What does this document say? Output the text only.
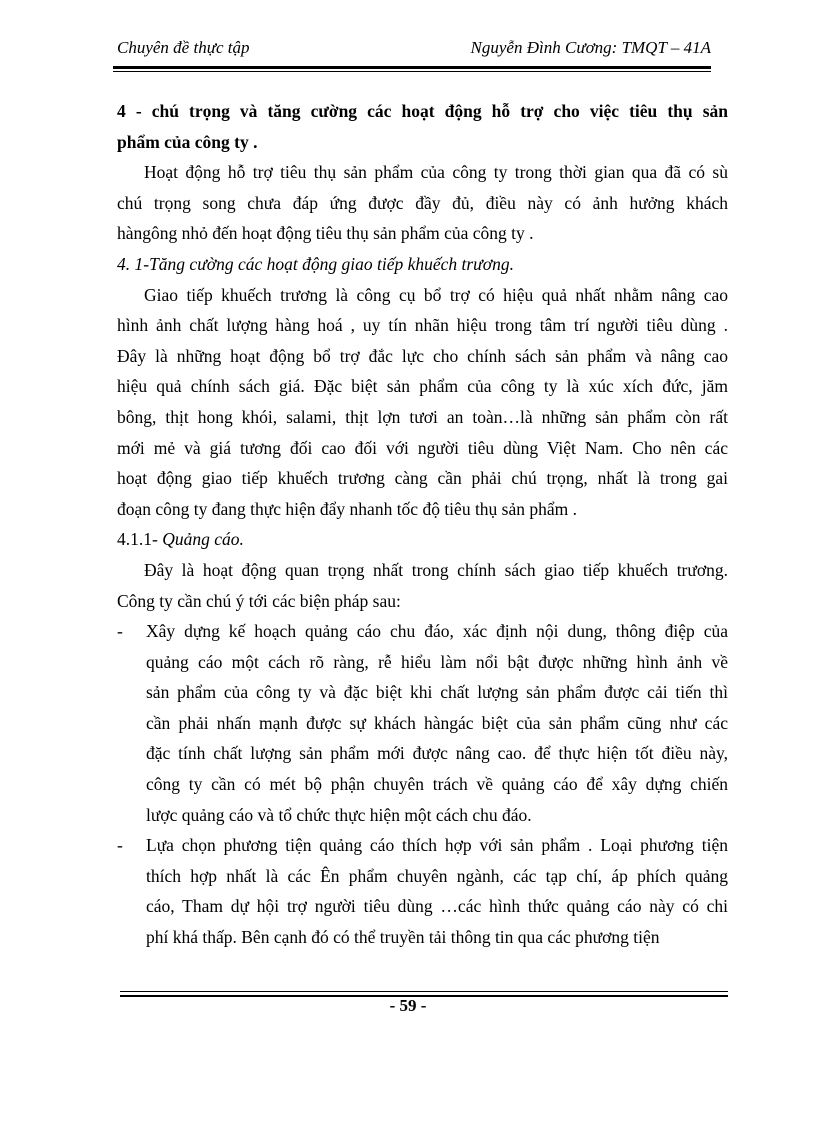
Chuyên đề thực tập	Nguyễn Đình Cương: TMQT – 41A
4 - chú trọng và tăng cường các hoạt động hỗ trợ cho việc tiêu thụ sản
phẩm của công ty .
Hoạt động hỗ trợ tiêu thụ sản phẩm của công ty trong thời gian qua đã có sù
chú trọng song chưa đáp ứng được đầy đủ, điều này có ảnh hưởng khách
hàngông nhỏ đến hoạt động tiêu thụ sản phẩm của công ty .
4. 1-Tăng cường các hoạt động giao tiếp khuếch trương.
Giao tiếp khuếch trương là công cụ bổ trợ có hiệu quả nhất nhằm nâng cao
hình ảnh chất lượng hàng hoá , uy tín nhãn hiệu trong tâm trí người tiêu dùng .
Đây là những hoạt động bổ trợ đắc lực cho chính sách sản phẩm và nâng cao
hiệu quả chính sách giá. Đặc biệt sản phẩm của công ty là xúc xích đức, jăm
bông, thịt hong khói, salami, thịt lợn tươi an toàn…là những sản phẩm còn rất
mới mẻ và giá tương đối cao đối với người tiêu dùng Việt Nam. Cho nên các
hoạt động giao tiếp khuếch trương càng cần phải chú trọng, nhất là trong gai
đoạn công ty đang thực hiện đẩy nhanh tốc độ tiêu thụ sản phẩm .
4.1.1- Quảng cáo.
Đây là hoạt động quan trọng nhất trong chính sách giao tiếp khuếch trương.
Công ty cần chú ý tới các biện pháp sau:
- Xây dựng kế hoạch quảng cáo chu đáo, xác định nội dung, thông điệp của
quảng cáo một cách rõ ràng, rễ hiểu làm nổi bật được những hình ảnh về
sản phẩm của công ty và đặc biệt khi chất lượng sản phẩm được cải tiến thì
cần phải nhấn mạnh được sự khách hàngác biệt của sản phẩm cũng như các
đặc tính chất lượng sản phẩm mới được nâng cao. để thực hiện tốt điều này,
công ty cần có mét bộ phận chuyên trách về quảng cáo để xây dựng chiến
lược quảng cáo và tổ chức thực hiện một cách chu đáo.
- Lựa chọn phương tiện quảng cáo thích hợp với sản phẩm . Loại phương tiện
thích hợp nhất là các Ên phẩm chuyên ngành, các tạp chí, áp phích quảng
cáo, Tham dự hội trợ người tiêu dùng …các hình thức quảng cáo này có chi
phí khá thấp. Bên cạnh đó có thể truyền tải thông tin qua các phương tiện
- 59 -
